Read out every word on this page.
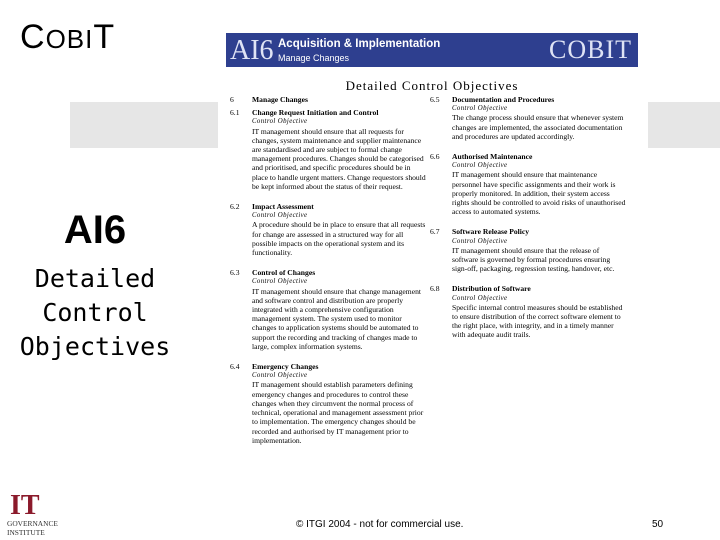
COBIT
AI6
Detailed
Control
Objectives
AI6 Acquisition & Implementation
Manage Changes	COBIT
Detailed Control Objectives
6 Manage Changes
6.1 Change Request Initiation and Control
Control Objective
IT management should ensure that all requests for changes, system maintenance and supplier maintenance are standardised and are subject to formal change management procedures. Changes should be categorised and prioritised, and specific procedures should be in place to handle urgent matters. Change requestors should be kept informed about the status of their request.
6.2 Impact Assessment
Control Objective
A procedure should be in place to ensure that all requests for change are assessed in a structured way for all possible impacts on the operational system and its functionality.
6.3 Control of Changes
Control Objective
IT management should ensure that change management and software control and distribution are properly integrated with a comprehensive configuration management system. The system used to monitor changes to application systems should be automated to support the recording and tracking of changes made to large, complex information systems.
6.4 Emergency Changes
Control Objective
IT management should establish parameters defining emergency changes and procedures to control these changes when they circumvent the normal process of technical, operational and management assessment prior to implementation. The emergency changes should be recorded and authorised by IT management prior to implementation.
6.5 Documentation and Procedures
Control Objective
The change process should ensure that whenever system changes are implemented, the associated documentation and procedures are updated accordingly.
6.6 Authorised Maintenance
Control Objective
IT management should ensure that maintenance personnel have specific assignments and their work is properly monitored. In addition, their system access rights should be controlled to avoid risks of unauthorised access to automated systems.
6.7 Software Release Policy
Control Objective
IT management should ensure that the release of software is governed by formal procedures ensuring sign-off, packaging, regression testing, handover, etc.
6.8 Distribution of Software
Control Objective
Specific internal control measures should be established to ensure distribution of the correct software element to the right place, with integrity, and in a timely manner with adequate audit trails.
IT
GOVERNANCE
INSTITUTE
© ITGI 2004 - not for commercial use.	50
